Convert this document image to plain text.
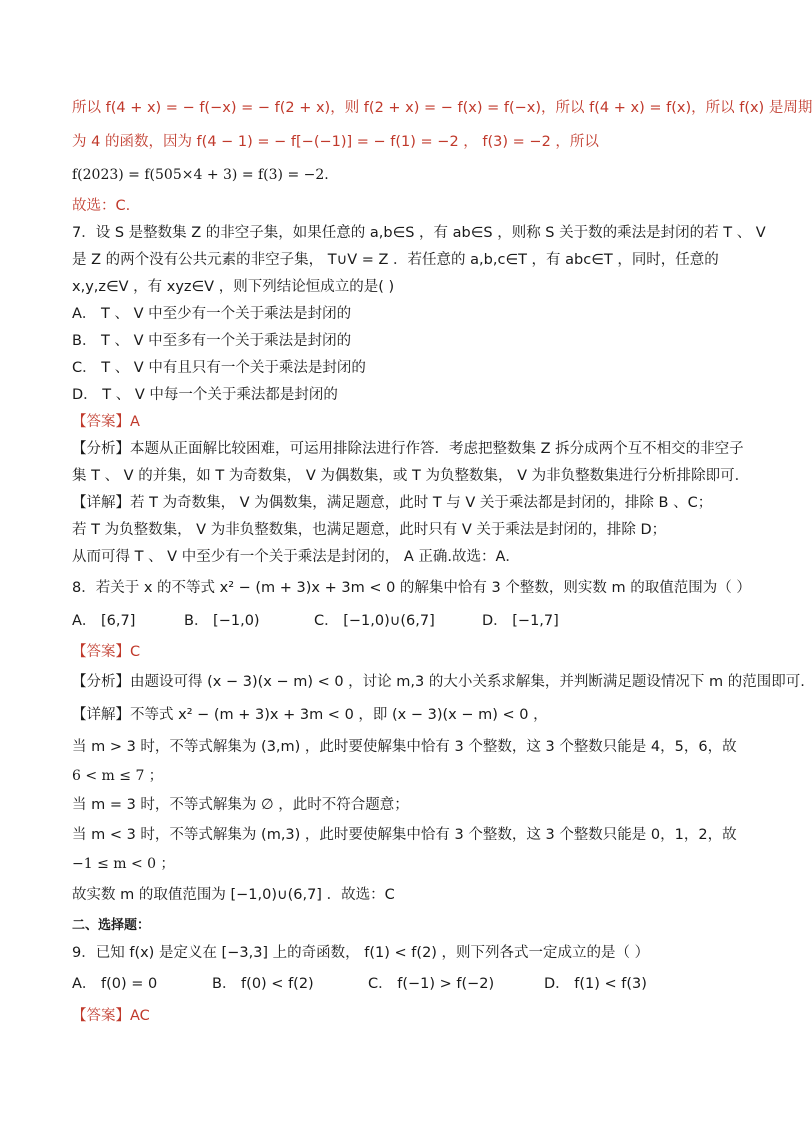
所以 f(4 + x) = − f(−x) = − f(2 + x)，则 f(2 + x) = − f(x) = f(−x)，所以 f(4 + x) = f(x)，所以 f(x) 是周期
为 4 的函数，因为 f(4 − 1) = − f[−(−1)] = − f(1) = −2 ， f(3) = −2 ，所以
f(2023) = f(505×4 + 3) = f(3) = −2.
故选：C.
7．设 S 是整数集 Z 的非空子集，如果任意的 a,b∈S ，有 ab∈S ，则称 S 关于数的乘法是封闭的若 T 、 V
是 Z 的两个没有公共元素的非空子集， T∪V = Z ．若任意的 a,b,c∈T ，有 abc∈T ，同时，任意的
x,y,z∈V ，有 xyz∈V ，则下列结论恒成立的是( )
A． T 、 V 中至少有一个关于乘法是封闭的
B． T 、 V 中至多有一个关于乘法是封闭的
C． T 、 V 中有且只有一个关于乘法是封闭的
D． T 、 V 中每一个关于乘法都是封闭的
【答案】A
【分析】本题从正面解比较困难，可运用排除法进行作答．考虑把整数集 Z 拆分成两个互不相交的非空子
集 T 、 V 的并集，如 T 为奇数集， V 为偶数集，或 T 为负整数集， V 为非负整数集进行分析排除即可．
【详解】若 T 为奇数集， V 为偶数集，满足题意，此时 T 与 V 关于乘法都是封闭的，排除 B 、C；
若 T 为负整数集， V 为非负整数集，也满足题意，此时只有 V 关于乘法是封闭的，排除 D；
从而可得 T 、 V 中至少有一个关于乘法是封闭的， A 正确.故选：A．
8．若关于 x 的不等式 x² − (m + 3)x + 3m < 0 的解集中恰有 3 个整数，则实数 m 的取值范围为（ ）
A． [6,7]	B． [−1,0)	C． [−1,0)∪(6,7]	D． [−1,7]
【答案】C
【分析】由题设可得 (x − 3)(x − m) < 0 ，讨论 m,3 的大小关系求解集，并判断满足题设情况下 m 的范围即可.
【详解】不等式 x² − (m + 3)x + 3m < 0 ，即 (x − 3)(x − m) < 0 ，
当 m > 3 时，不等式解集为 (3,m) ，此时要使解集中恰有 3 个整数，这 3 个整数只能是 4，5，6，故
6 < m ≤ 7 ；
当 m = 3 时，不等式解集为 ∅ ，此时不符合题意；
当 m < 3 时，不等式解集为 (m,3) ，此时要使解集中恰有 3 个整数，这 3 个整数只能是 0，1，2，故
−1 ≤ m < 0 ；
故实数 m 的取值范围为 [−1,0)∪(6,7] ．故选：C
二、选择题：
9．已知 f(x) 是定义在 [−3,3] 上的奇函数， f(1) < f(2) ，则下列各式一定成立的是（ ）
A． f(0) = 0	B． f(0) < f(2)	C． f(−1) > f(−2)	D． f(1) < f(3)
【答案】AC
